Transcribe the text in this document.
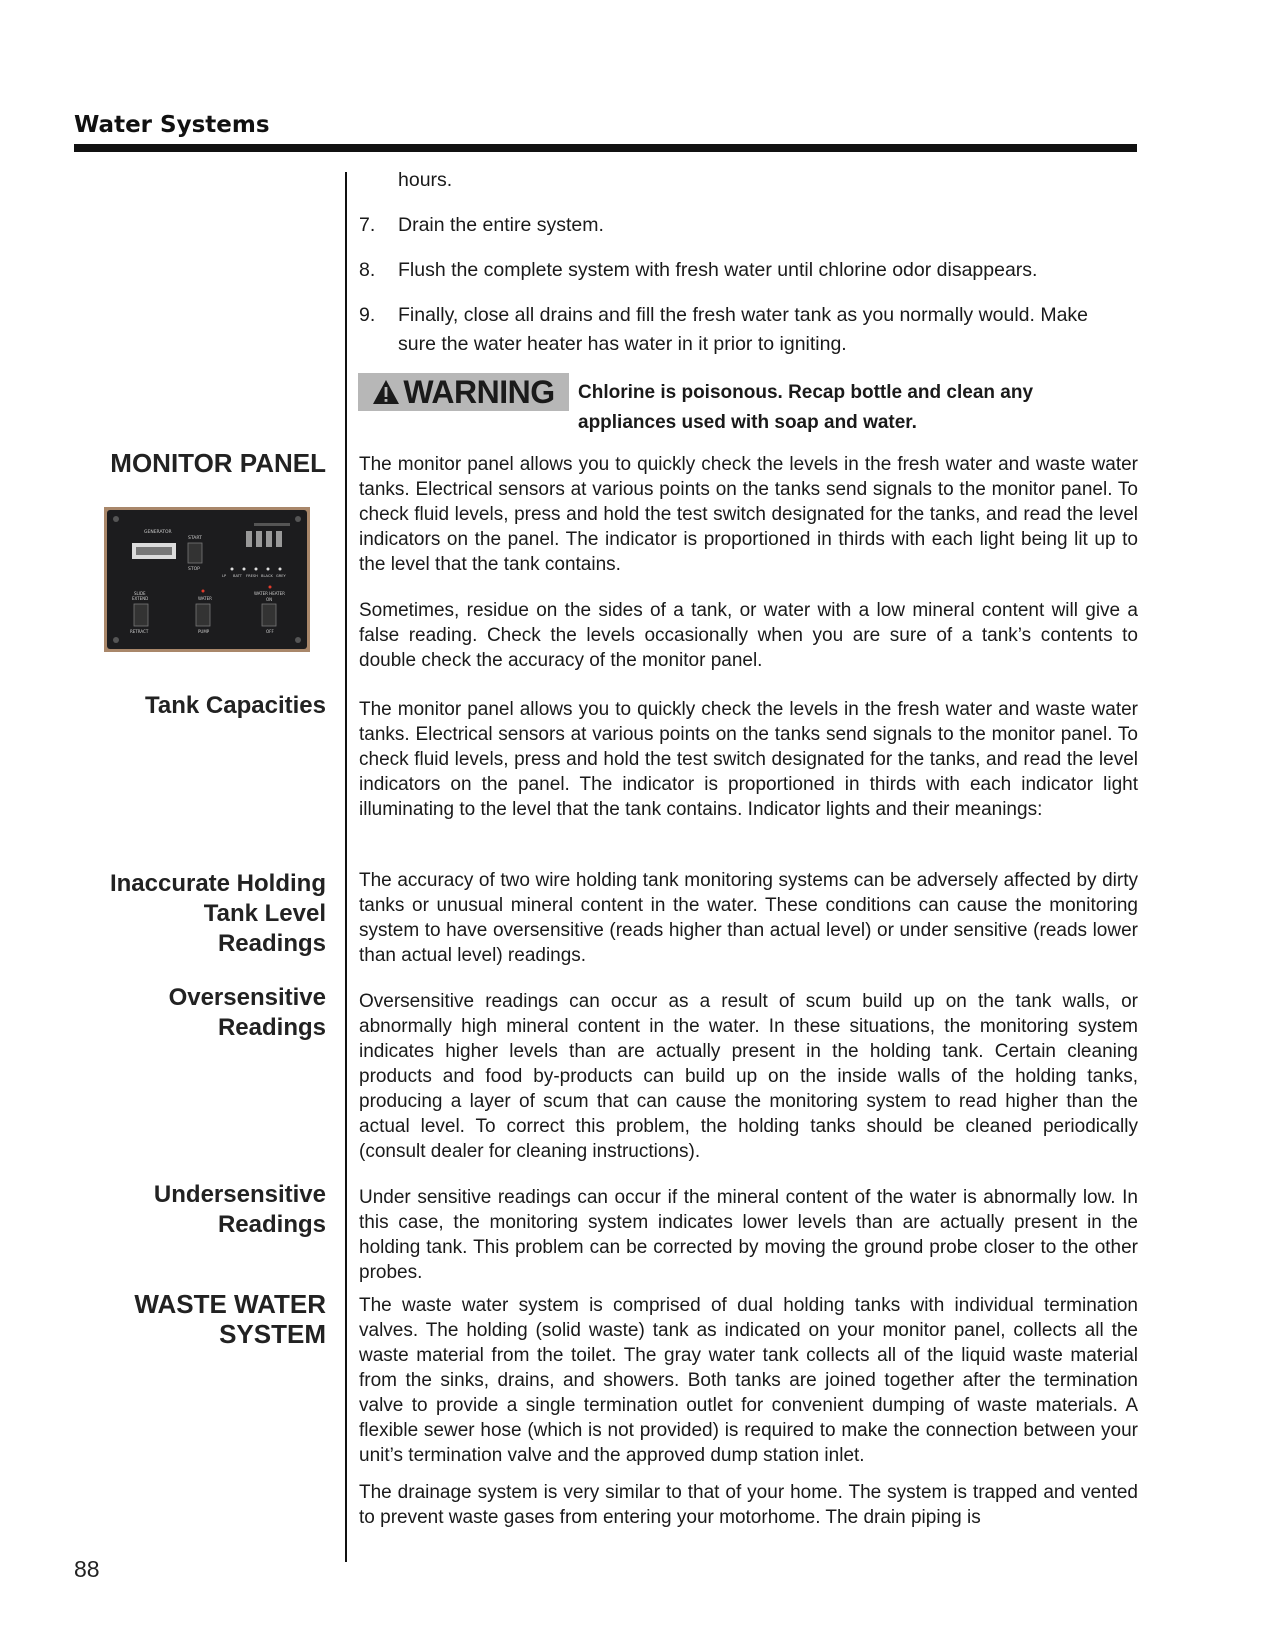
Water Systems
hours.
7. Drain the entire system.
8. Flush the complete system with fresh water until chlorine odor disappears.
9. Finally, close all drains and fill the fresh water tank as you normally would. Make
sure the water heater has water in it prior to igniting.
WARNING Chlorine is poisonous. Recap bottle and clean any
appliances used with soap and water.
MONITOR PANEL The monitor panel allows you to quickly check the levels in the fresh water and waste water tanks. Electrical sensors at various points on the tanks send signals to the monitor panel. To check fluid levels, press and hold the test switch designated for the tanks, and read the level indicators on the panel. The indicator is proportioned in thirds with each light being lit up to the level that the tank contains.
Sometimes, residue on the sides of a tank, or water with a low mineral content will give a false reading. Check the levels occasionally when you are sure of a tank’s contents to double check the accuracy of the monitor panel.
GENERATOR
START
STOP
LP BATT FRESH BLACK GREY
SLIDE
EXTEND
RETRACT
WATER
PUMP
WATER HEATER
ON
OFF
Tank Capacities The monitor panel allows you to quickly check the levels in the fresh water and waste water tanks. Electrical sensors at various points on the tanks send signals to the monitor panel. To check fluid levels, press and hold the test switch designated for the tanks, and read the level indicators on the panel. The indicator is proportioned in thirds with each indicator light illuminating to the level that the tank contains. Indicator lights and their meanings:
Inaccurate Holding
Tank Level
Readings
The accuracy of two wire holding tank monitoring systems can be adversely affected by dirty tanks or unusual mineral content in the water. These conditions can cause the monitoring system to have oversensitive (reads higher than actual level) or under sensitive (reads lower than actual level) readings.
Oversensitive
Readings
Oversensitive readings can occur as a result of scum build up on the tank walls, or abnormally high mineral content in the water. In these situations, the monitoring system indicates higher levels than are actually present in the holding tank. Certain cleaning products and food by-products can build up on the inside walls of the holding tanks, producing a layer of scum that can cause the monitoring system to read higher than the actual level. To correct this problem, the holding tanks should be cleaned periodically (consult dealer for cleaning instructions).
Undersensitive
Readings
Under sensitive readings can occur if the mineral content of the water is abnormally low. In this case, the monitoring system indicates lower levels than are actually present in the holding tank. This problem can be corrected by moving the ground probe closer to the other probes.
WASTE WATER
SYSTEM
The waste water system is comprised of dual holding tanks with individual termination valves. The holding (solid waste) tank as indicated on your monitor panel, collects all the waste material from the toilet. The gray water tank collects all of the liquid waste material from the sinks, drains, and showers. Both tanks are joined together after the termination valve to provide a single termination outlet for convenient dumping of waste materials. A flexible sewer hose (which is not provided) is required to make the connection between your unit’s termination valve and the approved dump station inlet.
The drainage system is very similar to that of your home. The system is trapped and vented to prevent waste gases from entering your motorhome. The drain piping is
88
